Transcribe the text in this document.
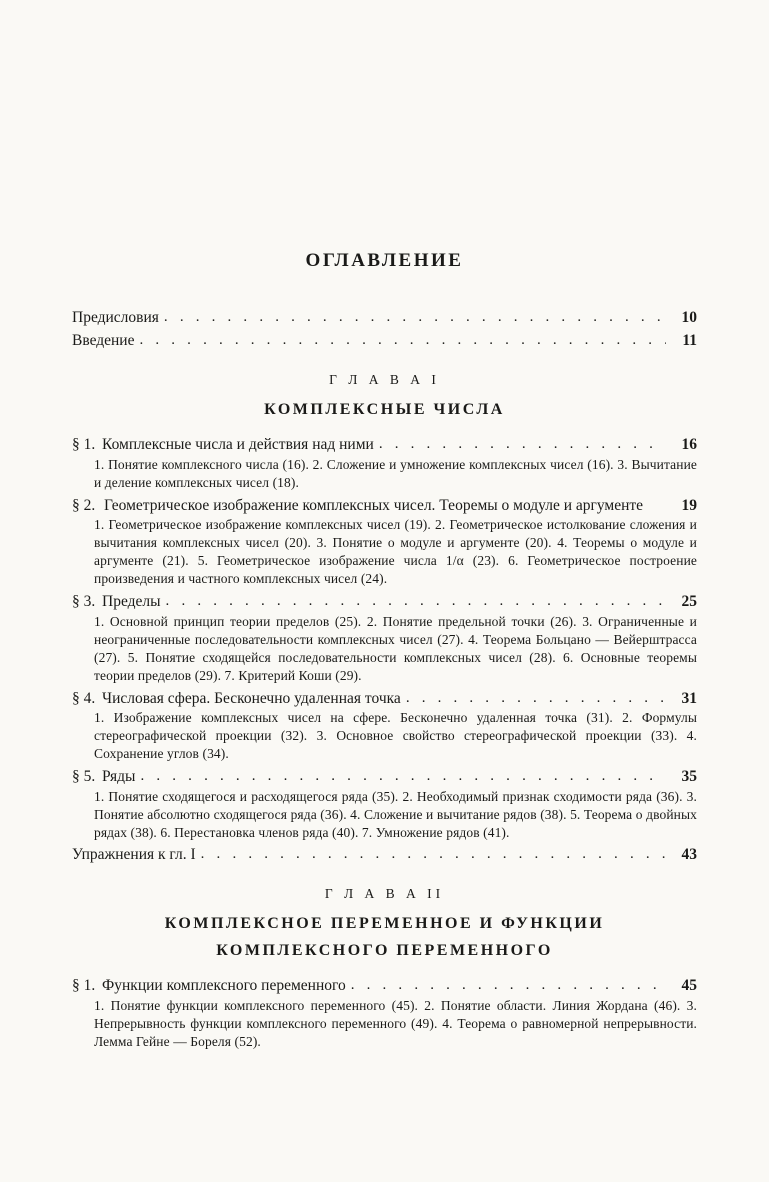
ОГЛАВЛЕНИЕ
Предисловия . . .	10
Введение . . .	11
Г Л А В А I
КОМПЛЕКСНЫЕ ЧИСЛА
§ 1. Комплексные числа и действия над ними . . .	16
1. Понятие комплексного числа (16). 2. Сложение и умножение комплексных чисел (16). 3. Вычитание и деление комплексных чисел (18).
§ 2. Геометрическое изображение комплексных чисел. Теоремы о модуле и аргументе	19
1. Геометрическое изображение комплексных чисел (19). 2. Геометрическое истолкование сложения и вычитания комплексных чисел (20). 3. Понятие о модуле и аргументе (20). 4. Теоремы о модуле и аргументе (21). 5. Геометрическое изображение числа 1/α (23). 6. Геометрическое построение произведения и частного комплексных чисел (24).
§ 3. Пределы . . .	25
1. Основной принцип теории пределов (25). 2. Понятие предельной точки (26). 3. Ограниченные и неограниченные последовательности комплексных чисел (27). 4. Теорема Больцано — Вейерштрасса (27). 5. Понятие сходящейся последовательности комплексных чисел (28). 6. Основные теоремы теории пределов (29). 7. Критерий Коши (29).
§ 4. Числовая сфера. Бесконечно удаленная точка . . .	31
1. Изображение комплексных чисел на сфере. Бесконечно удаленная точка (31). 2. Формулы стереографической проекции (32). 3. Основное свойство стереографической проекции (33). 4. Сохранение углов (34).
§ 5. Ряды . . .	35
1. Понятие сходящегося и расходящегося ряда (35). 2. Необходимый признак сходимости ряда (36). 3. Понятие абсолютно сходящегося ряда (36). 4. Сложение и вычитание рядов (38). 5. Теорема о двойных рядах (38). 6. Перестановка членов ряда (40). 7. Умножение рядов (41).
Упражнения к гл. I . . .	43
Г Л А В А II
КОМПЛЕКСНОЕ ПЕРЕМЕННОЕ И ФУНКЦИИ
КОМПЛЕКСНОГО ПЕРЕМЕННОГО
§ 1. Функции комплексного переменного . . .	45
1. Понятие функции комплексного переменного (45). 2. Понятие области. Линия Жордана (46). 3. Непрерывность функции комплексного переменного (49). 4. Теорема о равномерной непрерывности. Лемма Гейне — Бореля (52).
